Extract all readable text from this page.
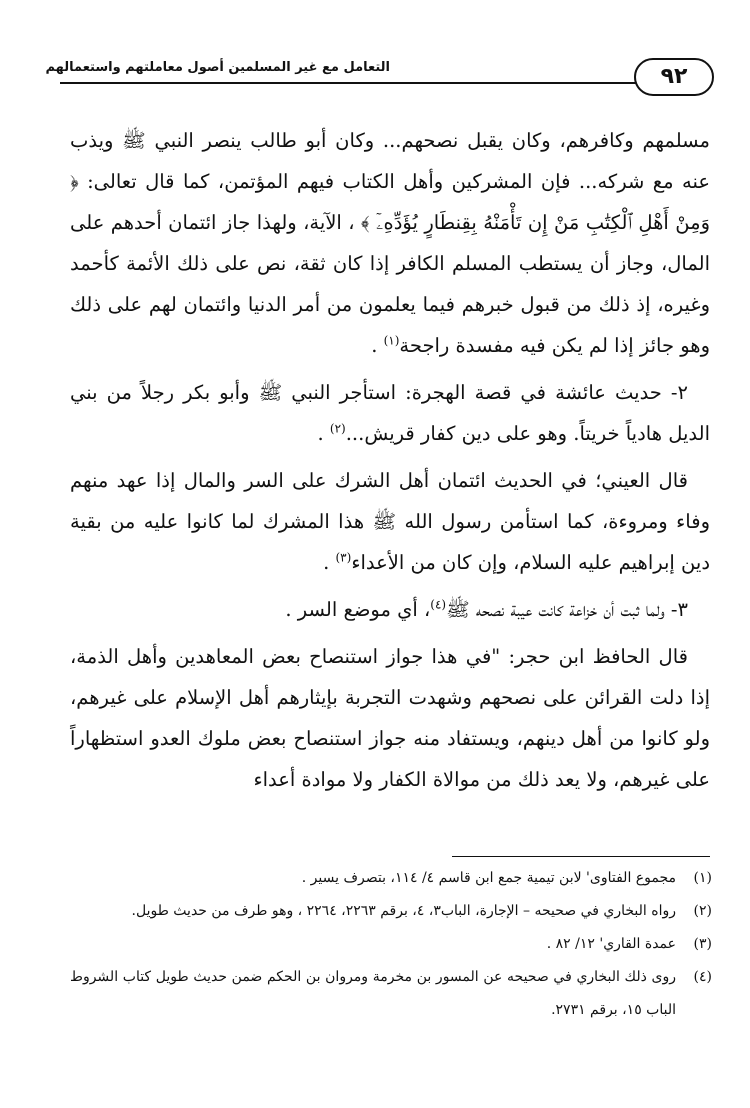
التعامل مع غير المسلمين أصول معاملتهم واستعمالهم	٩٢

مسلمهم وكافرهم، وكان يقبل نصحهم... وكان أبو طالب ينصر النبي ﷺ ويذب عنه مع شركه... فإن المشركين وأهل الكتاب فيهم المؤتمن، كما قال تعالى: ﴿ وَمِنْ أَهْلِ ٱلْكِتَٰبِ مَنْ إِن تَأْمَنْهُ بِقِنطَارٍ يُؤَدِّهِۦٓ ﴾ ، الآية، ولهذا جاز ائتمان أحدهم على المال، وجاز أن يستطب المسلم الكافر إذا كان ثقة، نص على ذلك الأئمة كأحمد وغيره، إذ ذلك من قبول خبرهم فيما يعلمون من أمر الدنيا وائتمان لهم على ذلك وهو جائز إذا لم يكن فيه مفسدة راجحة$^{(١)}$ .

٢- حديث عائشة في قصة الهجرة: استأجر النبي ﷺ وأبو بكر رجلاً من بني الديل هادياً خريتاً. وهو على دين كفار قريش...$^{(٢)}$ .

قال العيني؛ في الحديث ائتمان أهل الشرك على السر والمال إذا عهد منهم وفاء ومروءة، كما استأمن رسول الله ﷺ هذا المشرك لما كانوا عليه من بقية دين إبراهيم عليه السلام، وإن كان من الأعداء$^{(٣)}$ .

٣- ولما ثبت أن خزاعة كانت عيبة نصحه ﷺ$^{(٤)}$، أي موضع السر .

قال الحافظ ابن حجر: "في هذا جواز استنصاح بعض المعاهدين وأهل الذمة، إذا دلت القرائن على نصحهم وشهدت التجربة بإيثارهم أهل الإسلام على غيرهم، ولو كانوا من أهل دينهم، ويستفاد منه جواز استنصاح بعض ملوك العدو استظهاراً على غيرهم، ولا يعد ذلك من موالاة الكفار ولا موادة أعداء

(١)
مجموع الفتاوى' لابن تيمية جمع ابن قاسم ٤/ ١١٤، بتصرف يسير .
(٢)
رواه البخاري في صحيحه – الإجارة، الباب٣، ٤، برقم ٢٢٦٣، ٢٢٦٤ ، وهو طرف من حديث طويل.
(٣)
عمدة القاري' ١٢/ ٨٢ .
(٤)
روى ذلك البخاري في صحيحه عن المسور بن مخرمة ومروان بن الحكم ضمن حديث طويل كتاب الشروط الباب ١٥، برقم ٢٧٣١.
